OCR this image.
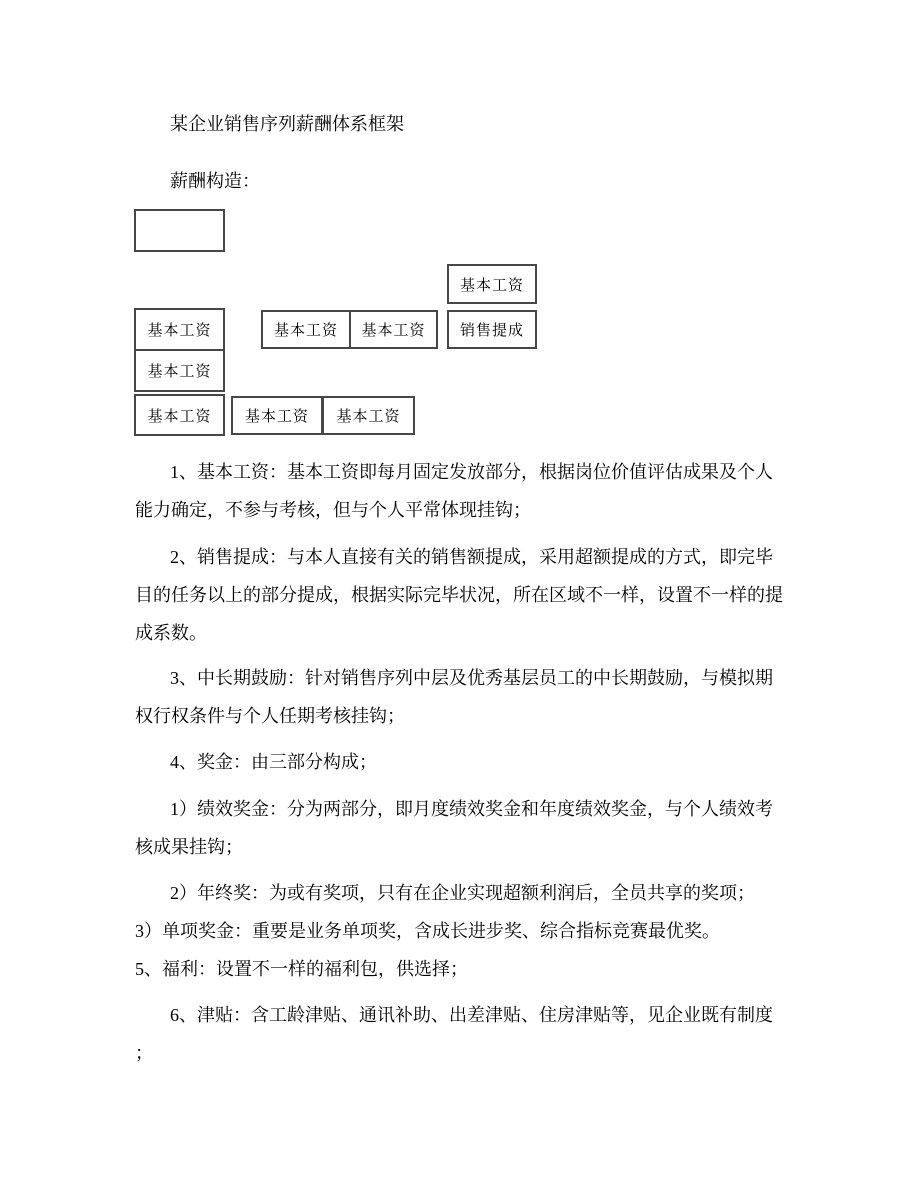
某企业销售序列薪酬体系框架
薪酬构造：
基本工资
基本工资	基本工资 基本工资 销售提成
基本工资
基本工资 基本工资 基本工资
1、基本工资：基本工资即每月固定发放部分，根据岗位价值评估成果及个人
能力确定，不参与考核，但与个人平常体现挂钩；
2、销售提成：与本人直接有关的销售额提成，采用超额提成的方式，即完毕
目的任务以上的部分提成，根据实际完毕状况，所在区域不一样，设置不一样的提
成系数。
3、中长期鼓励：针对销售序列中层及优秀基层员工的中长期鼓励，与模拟期
权行权条件与个人任期考核挂钩；
4、奖金：由三部分构成；
1）绩效奖金：分为两部分，即月度绩效奖金和年度绩效奖金，与个人绩效考
核成果挂钩；
2）年终奖：为或有奖项，只有在企业实现超额利润后，全员共享的奖项；
3）单项奖金：重要是业务单项奖，含成长进步奖、综合指标竞赛最优奖。
5、福利：设置不一样的福利包，供选择；
6、津贴：含工龄津贴、通讯补助、出差津贴、住房津贴等，见企业既有制度
；
